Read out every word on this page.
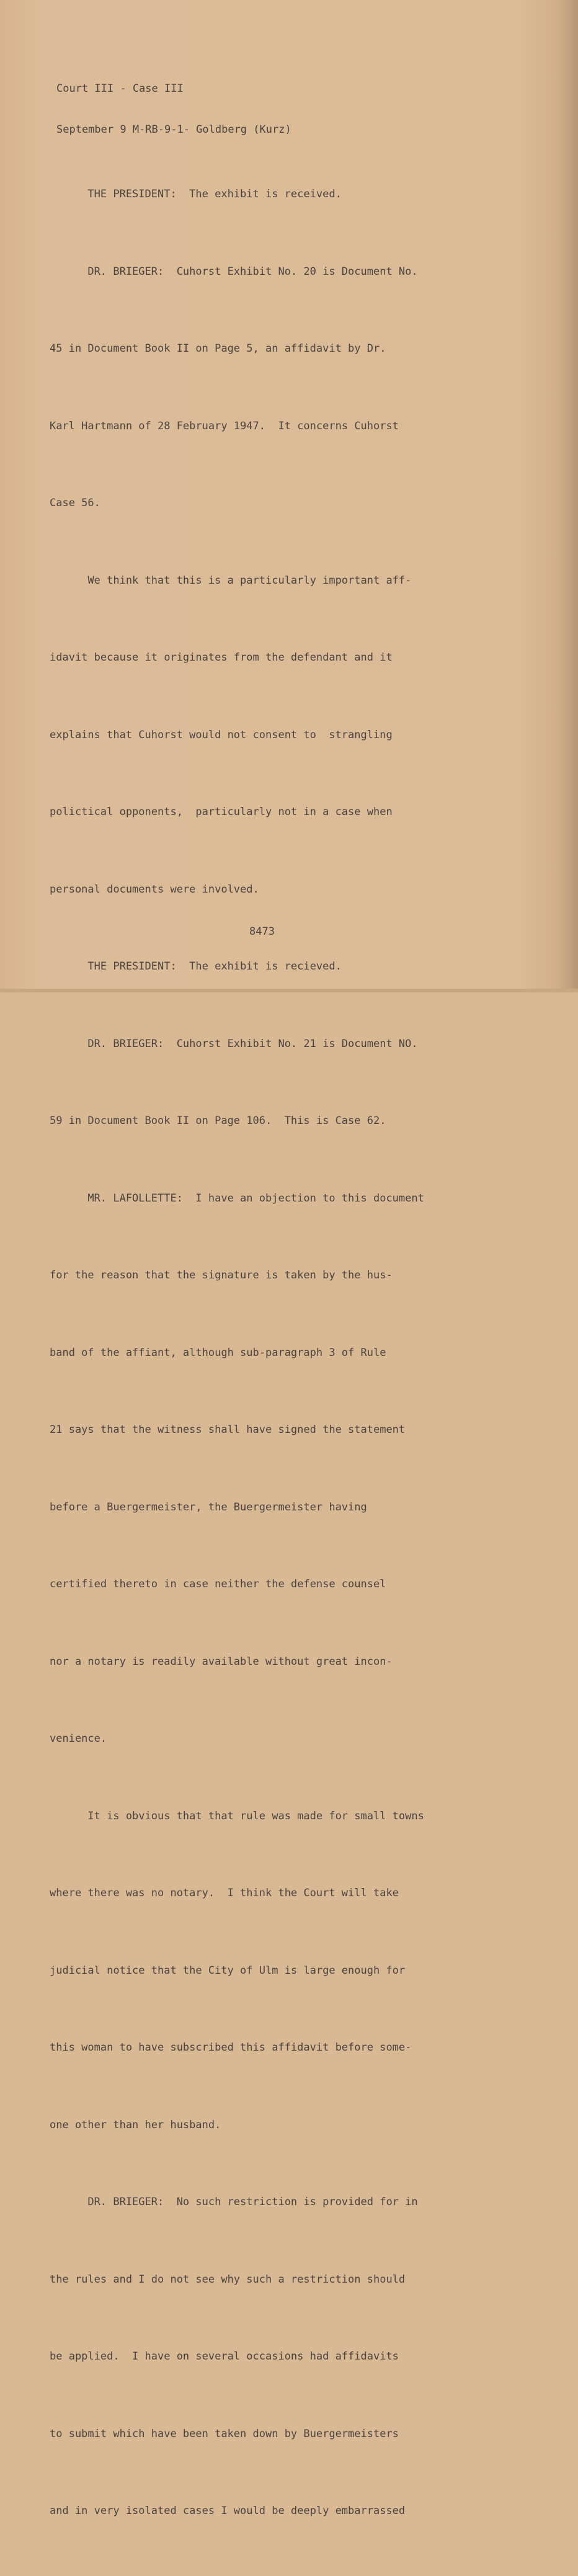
Court III - Case III

September 9 M-RB-9-1- Goldberg (Kurz)

THE PRESIDENT:  The exhibit is received.

DR. BRIEGER:  Cuhorst Exhibit No. 20 is Document No.

45 in Document Book II on Page 5, an affidavit by Dr.

Karl Hartmann of 28 February 1947.  It concerns Cuhorst

Case 56.

We think that this is a particularly important aff-

idavit because it originates from the defendant and it

explains that Cuhorst would not consent to  strangling

polictical opponents,  particularly not in a case when

personal documents were involved.

THE PRESIDENT:  The exhibit is recieved.

DR. BRIEGER:  Cuhorst Exhibit No. 21 is Document NO.

59 in Document Book II on Page 106.  This is Case 62.

MR. LAFOLLETTE:  I have an objection to this document

for the reason that the signature is taken by the hus-

band of the affiant, although sub-paragraph 3 of Rule

21 says that the witness shall have signed the statement

before a Buergermeister, the Buergermeister having

certified thereto in case neither the defense counsel

nor a notary is readily available without great incon-

venience.

It is obvious that that rule was made for small towns

where there was no notary.  I think the Court will take

judicial notice that the City of Ulm is large enough for

this woman to have subscribed this affidavit before some-

one other than her husband.

DR. BRIEGER:  No such restriction is provided for in

the rules and I do not see why such a restriction should

be applied.  I have on several occasions had affidavits

to submit which have been taken down by Buergermeisters

and in very isolated cases I would be deeply embarrassed

8473
